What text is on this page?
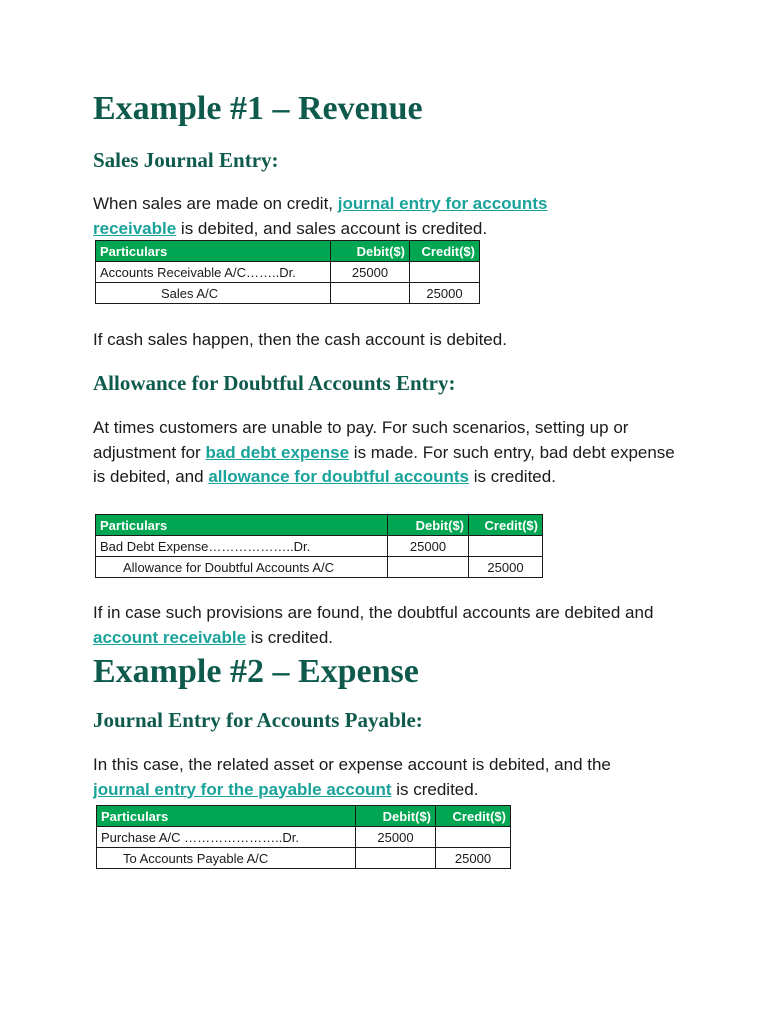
Example #1 – Revenue
Sales Journal Entry:

When sales are made on credit, journal entry for accounts
receivable is debited, and sales account is credited.

Particulars	Debit($)	Credit($)
Accounts Receivable A/C……..Dr.	25000	
Sales A/C		25000

If cash sales happen, then the cash account is debited.

Allowance for Doubtful Accounts Entry:

At times customers are unable to pay. For such scenarios, setting up or adjustment for bad debt expense is made. For such entry, bad debt expense is debited, and allowance for doubtful accounts is credited.

Particulars	Debit($)	Credit($)
Bad Debt Expense………………..Dr.	25000	
Allowance for Doubtful Accounts A/C		25000

If in case such provisions are found, the doubtful accounts are debited and account receivable is credited.

Example #2 – Expense
Journal Entry for Accounts Payable:

In this case, the related asset or expense account is debited, and the journal entry for the payable account is credited.

Particulars	Debit($)	Credit($)
Purchase A/C …………………..Dr.	25000	
To Accounts Payable A/C		25000
